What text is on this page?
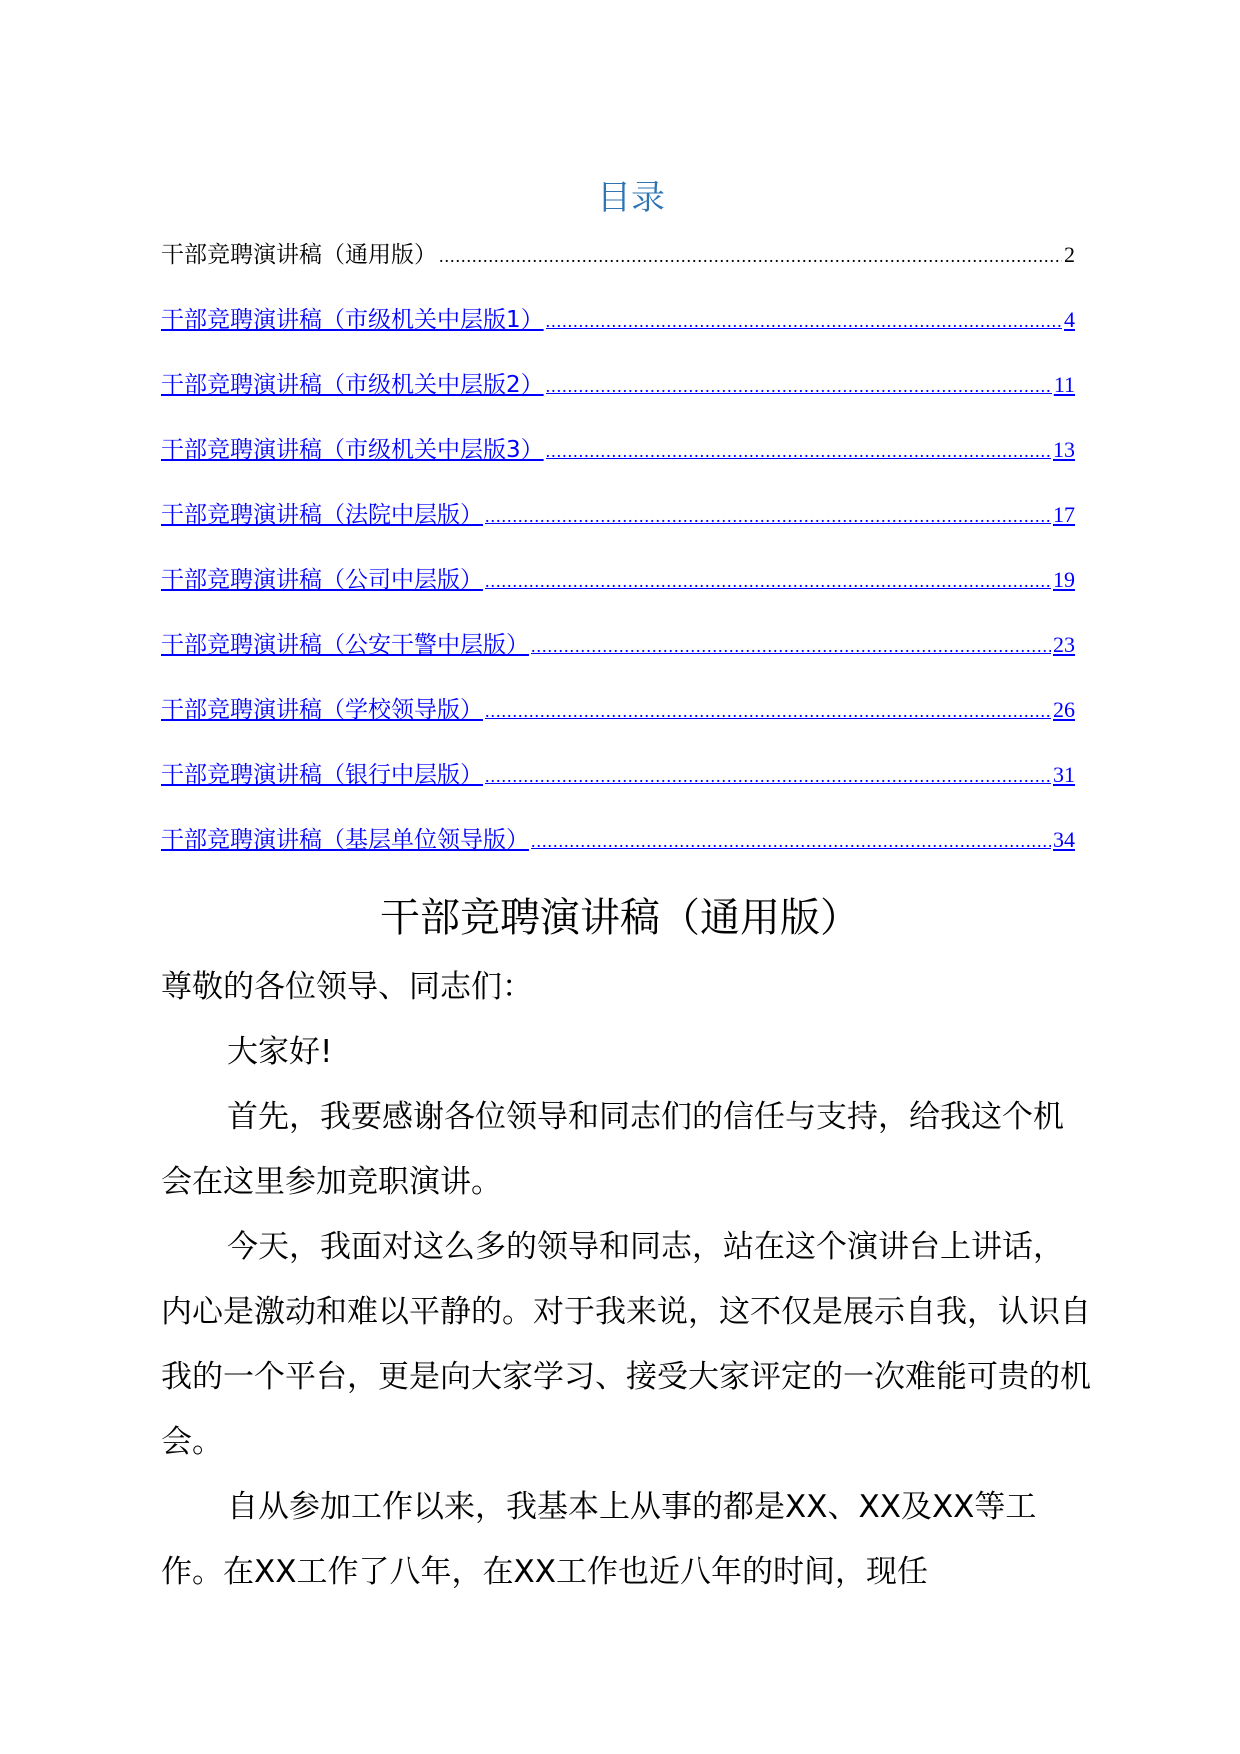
目录
干部竞聘演讲稿（通用版） .....	2
干部竞聘演讲稿（市级机关中层版1） .....	4
干部竞聘演讲稿（市级机关中层版2） .....	11
干部竞聘演讲稿（市级机关中层版3） .....	13
干部竞聘演讲稿（法院中层版） .....	17
干部竞聘演讲稿（公司中层版） .....	19
干部竞聘演讲稿（公安干警中层版） .....	23
干部竞聘演讲稿（学校领导版） .....	26
干部竞聘演讲稿（银行中层版） .....	31
干部竞聘演讲稿（基层单位领导版） .....	34
干部竞聘演讲稿（通用版）

尊敬的各位领导、同志们：

大家好!

首先，我要感谢各位领导和同志们的信任与支持，给我这个机会在这里参加竞职演讲。

今天，我面对这么多的领导和同志，站在这个演讲台上讲话，内心是激动和难以平静的。对于我来说，这不仅是展示自我，认识自我的一个平台，更是向大家学习、接受大家评定的一次难能可贵的机会。

自从参加工作以来，我基本上从事的都是XX、XX及XX等工作。在XX工作了八年，在XX工作也近八年的时间，现任
